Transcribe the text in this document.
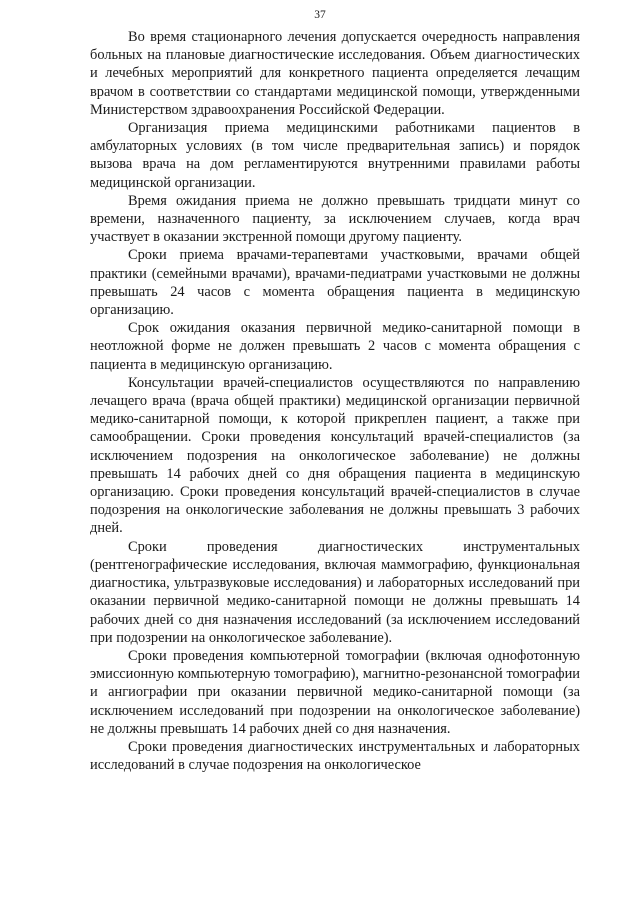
37

Во время стационарного лечения допускается очередность направления больных на плановые диагностические исследования. Объем диагностических и лечебных мероприятий для конкретного пациента определяется лечащим врачом в соответствии со стандартами медицинской помощи, утвержденными Министерством здравоохранения Российской Федерации.

Организация приема медицинскими работниками пациентов в амбулаторных условиях (в том числе предварительная запись) и порядок вызова врача на дом регламентируются внутренними правилами работы медицинской организации.

Время ожидания приема не должно превышать тридцати минут со времени, назначенного пациенту, за исключением случаев, когда врач участвует в оказании экстренной помощи другому пациенту.

Сроки приема врачами-терапевтами участковыми, врачами общей практики (семейными врачами), врачами-педиатрами участковыми не должны превышать 24 часов с момента обращения пациента в медицинскую организацию.

Срок ожидания оказания первичной медико-санитарной помощи в неотложной форме не должен превышать 2 часов с момента обращения с пациента в медицинскую организацию.

Консультации врачей-специалистов осуществляются по направлению лечащего врача (врача общей практики) медицинской организации первичной медико-санитарной помощи, к которой прикреплен пациент, а также при самообращении. Сроки проведения консультаций врачей-специалистов (за исключением подозрения на онкологическое заболевание) не должны превышать 14 рабочих дней со дня обращения пациента в медицинскую организацию. Сроки проведения консультаций врачей-специалистов в случае подозрения на онкологические заболевания не должны превышать 3 рабочих дней.

Сроки проведения диагностических инструментальных (рентгенографические исследования, включая маммографию, функциональная диагностика, ультразвуковые исследования) и лабораторных исследований при оказании первичной медико-санитарной помощи не должны превышать 14 рабочих дней со дня назначения исследований (за исключением исследований при подозрении на онкологическое заболевание).

Сроки проведения компьютерной томографии (включая однофотонную эмиссионную компьютерную томографию), магнитно-резонансной томографии и ангиографии при оказании первичной медико-санитарной помощи (за исключением исследований при подозрении на онкологическое заболевание) не должны превышать 14 рабочих дней со дня назначения.

Сроки проведения диагностических инструментальных и лабораторных исследований в случае подозрения на онкологическое
